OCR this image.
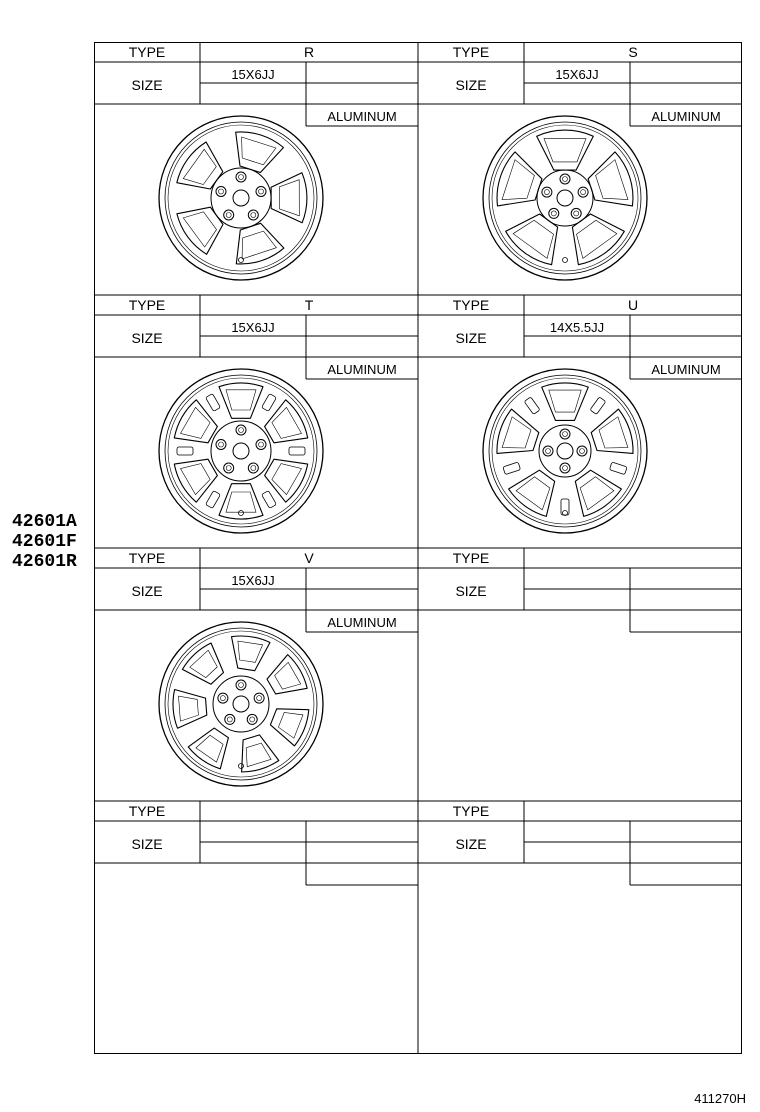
42601A
42601F
42601R
TYPE
SIZE
R
15X6JJ
ALUMINUM
TYPE
SIZE
S
15X6JJ
ALUMINUM
TYPE
SIZE
T
15X6JJ
ALUMINUM
TYPE
SIZE
U
14X5.5JJ
ALUMINUM
TYPE
SIZE
V
15X6JJ
ALUMINUM
TYPE
SIZE
TYPE
SIZE
TYPE
SIZE
411270H
